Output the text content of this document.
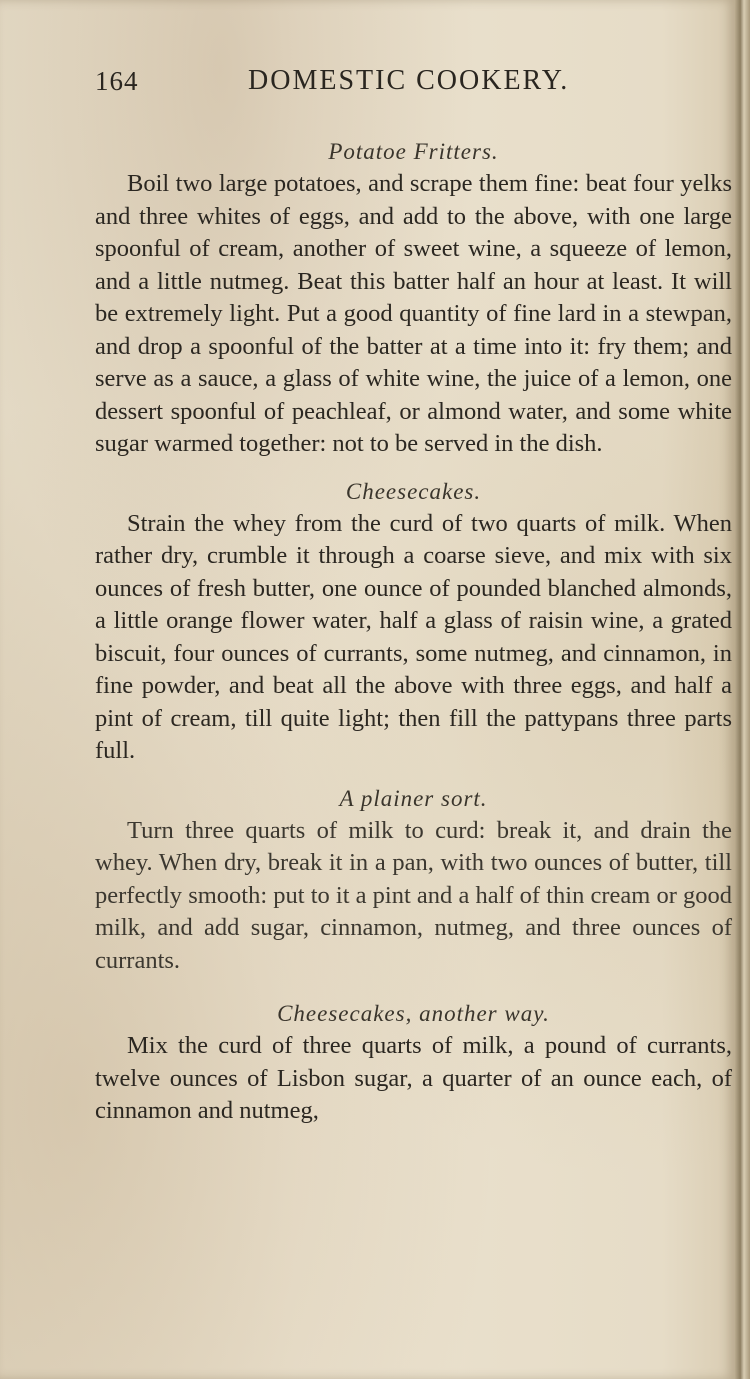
164	DOMESTIC COOKERY.
Potatoe Fritters.

Boil two large potatoes, and scrape them fine: beat four yelks and three whites of eggs, and add to the above, with one large spoonful of cream, another of sweet wine, a squeeze of lemon, and a little nutmeg. Beat this batter half an hour at least. It will be extremely light. Put a good quantity of fine lard in a stewpan, and drop a spoonful of the batter at a time into it: fry them; and serve as a sauce, a glass of white wine, the juice of a lemon, one dessert spoonful of peachleaf, or almond water, and some white sugar warmed together: not to be served in the dish.

Cheesecakes.

Strain the whey from the curd of two quarts of milk. When rather dry, crumble it through a coarse sieve, and mix with six ounces of fresh butter, one ounce of pounded blanched almonds, a little orange flower water, half a glass of raisin wine, a grated biscuit, four ounces of currants, some nutmeg, and cinnamon, in fine powder, and beat all the above with three eggs, and half a pint of cream, till quite light; then fill the pattypans three parts full.

A plainer sort.

Turn three quarts of milk to curd: break it, and drain the whey. When dry, break it in a pan, with two ounces of butter, till perfectly smooth: put to it a pint and a half of thin cream or good milk, and add sugar, cinnamon, nutmeg, and three ounces of currants.

Cheesecakes, another way.

Mix the curd of three quarts of milk, a pound of currants, twelve ounces of Lisbon sugar, a quarter of an ounce each, of cinnamon and nutmeg,
